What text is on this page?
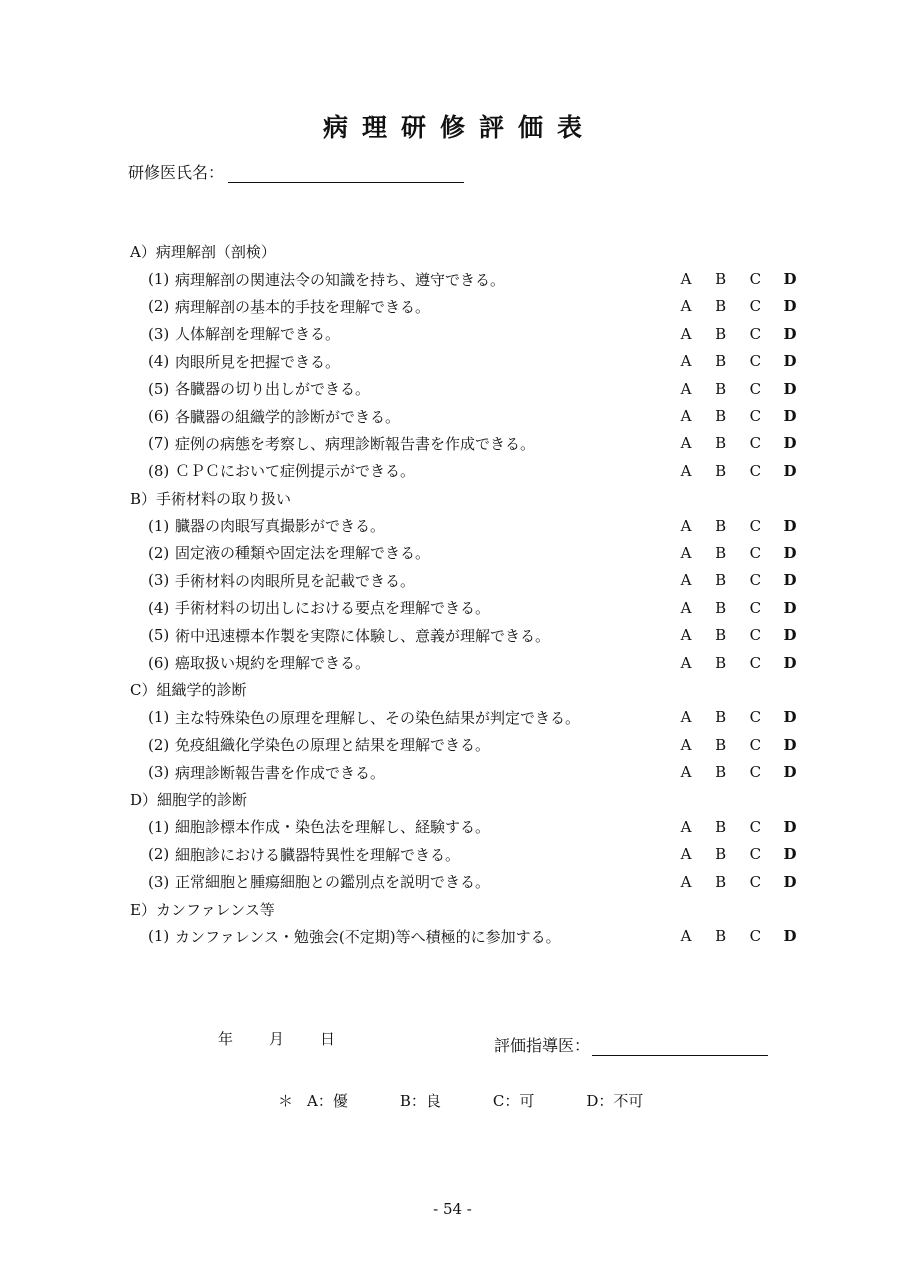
病理研修評価表
研修医氏名：
A）病理解剖（剖検）
(1) 病理解剖の関連法令の知識を持ち、遵守できる。	A	B C D
(2) 病理解剖の基本的手技を理解できる。	A	B C D
(3) 人体解剖を理解できる。	A	B C D
(4) 肉眼所見を把握できる。	A	B C D
(5) 各臓器の切り出しができる。	A	B C D
(6) 各臓器の組織学的診断ができる。	A	B C D
(7) 症例の病態を考察し、病理診断報告書を作成できる。	A	B C D
(8) ＣＰＣにおいて症例提示ができる。	A	B C D
B）手術材料の取り扱い
(1) 臓器の肉眼写真撮影ができる。	A	B C D
(2) 固定液の種類や固定法を理解できる。	A	B C D
(3) 手術材料の肉眼所見を記載できる。	A	B C D
(4) 手術材料の切出しにおける要点を理解できる。	A	B C D
(5) 術中迅速標本作製を実際に体験し、意義が理解できる。	A	B C D
(6) 癌取扱い規約を理解できる。	A	B C D
C）組織学的診断
(1) 主な特殊染色の原理を理解し、その染色結果が判定できる。	A	B C D
(2) 免疫組織化学染色の原理と結果を理解できる。	A	B C D
(3) 病理診断報告書を作成できる。	A	B C D
D）細胞学的診断
(1) 細胞診標本作成・染色法を理解し、経験する。	A	B C D
(2) 細胞診における臓器特異性を理解できる。	A	B C D
(3) 正常細胞と腫瘍細胞との鑑別点を説明できる。	A	B C D
E）カンファレンス等
(1) カンファレンス・勉強会(不定期)等へ積極的に参加する。	A	B C D
年 月 日	評価指導医：
＊ A：優	B：良	C：可	D：不可
- 54 -
